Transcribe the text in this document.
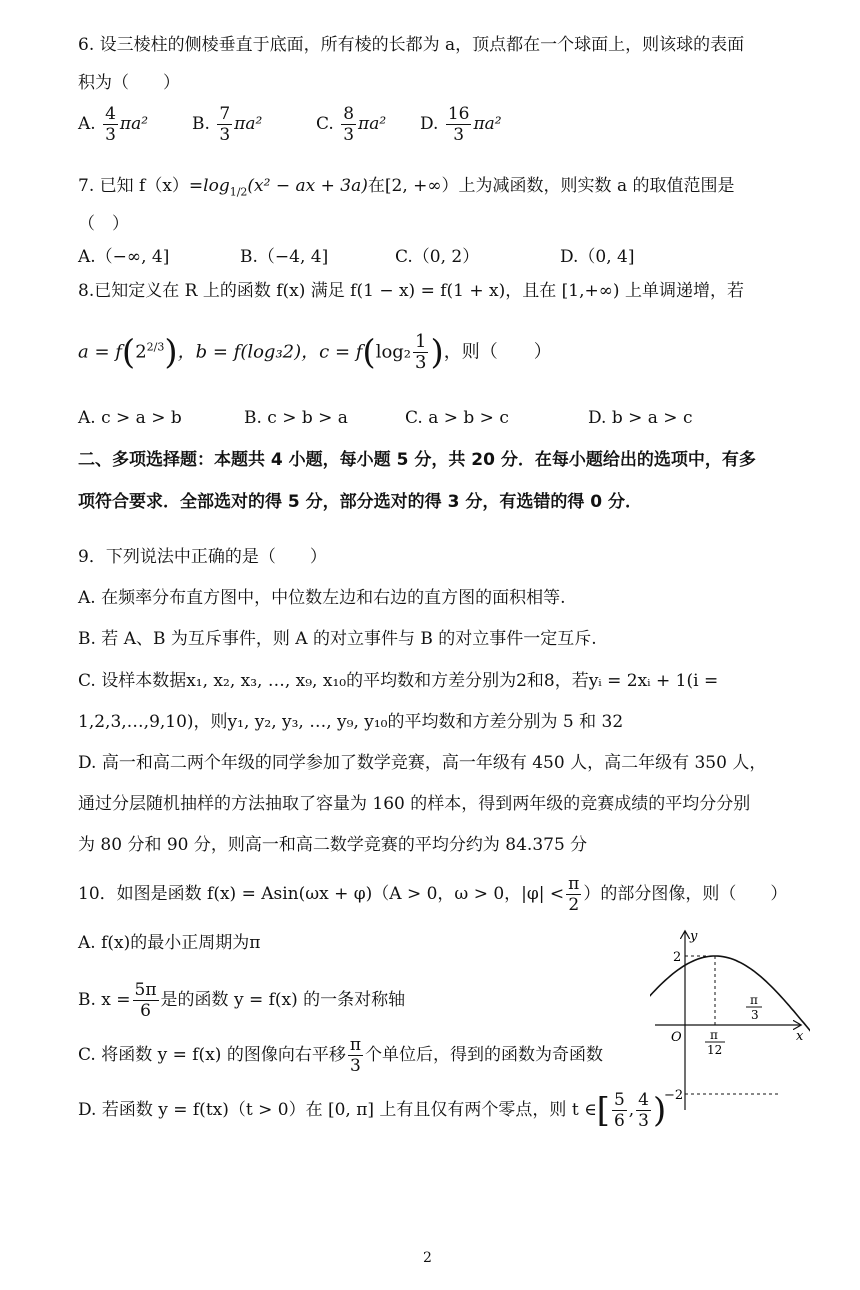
6. 设三棱柱的侧棱垂直于底面，所有棱的长都为 a，顶点都在一个球面上，则该球的表面
积为（　　）
A. $\frac{4}{3} \pi a^2$	B. $\frac{7}{3} \pi a^2$	C. $\frac{8}{3} \pi a^2$ D. $\frac{16}{3} \pi a^2$
7. 已知 $f(x)=\log_{1/2}(x^2$ − ax + 3a)在[2, +∞）上为减函数，则实数 a 的取值范围是
（　）
A.（−∞, 4]	B.（−4, 4]	C.（0, 2）	D.（0, 4]
8.已知定义在 R 上的函数 f(x) 满足 f(1 − x) = f(1 + x)，且在 [1,+∞) 上单调递增，若
$a = f(2^{2/3})$，b = f(log₃2)，$c = f(\log_2 \frac{1}{3}$ )，则（　　）
A. c > a > b	B. c > b > a	C. a > b > c	D. b > a > c
二、多项选择题：本题共 4 小题，每小题 5 分，共 20 分．在每小题给出的选项中，有多
项符合要求．全部选对的得 5 分，部分选对的得 3 分，有选错的得 0 分．
9．下列说法中正确的是（　　）
A. 在频率分布直方图中，中位数左边和右边的直方图的面积相等.
B. 若 A、B 为互斥事件，则 A 的对立事件与 B 的对立事件一定互斥.
C. 设样本数据x₁, x₂, x₃, …, x₉, x₁₀的平均数和方差分别为2和8，若yᵢ = 2xᵢ + 1(i =
1,2,3,…,9,10)，则y₁, y₂, y₃, …, y₉, y₁₀的平均数和方差分别为 5 和 32
D. 高一和高二两个年级的同学参加了数学竞赛，高一年级有 450 人，高二年级有 350 人，
通过分层随机抽样的方法抽取了容量为 160 的样本，得到两年级的竞赛成绩的平均分分别
为 80 分和 90 分，则高一和高二数学竞赛的平均分约为 84.375 分
10．如图是函数 f(x) = Asin(ωx + φ)（A > 0，ω > 0，$|\varphi| < \frac{\pi}{2}$ ）的部分图像，则（　　）
A. f(x)的最小正周期为π
B. $x = \frac{5\pi}{6}$ 是的函数 y = f(x) 的一条对称轴
C. 将函数 y = f(x) 的图像向右平移 $\frac{\pi}{3}$ 个单位后，得到的函数为奇函数
D. 若函数 y = f(tx)（t > 0）在 [0, π] 上有且仅有两个零点，则 t ∈[ $\frac{5}{6}$ , $\frac{4}{3}$ )
y
x
O
2
−2
π
12
π
3
2
